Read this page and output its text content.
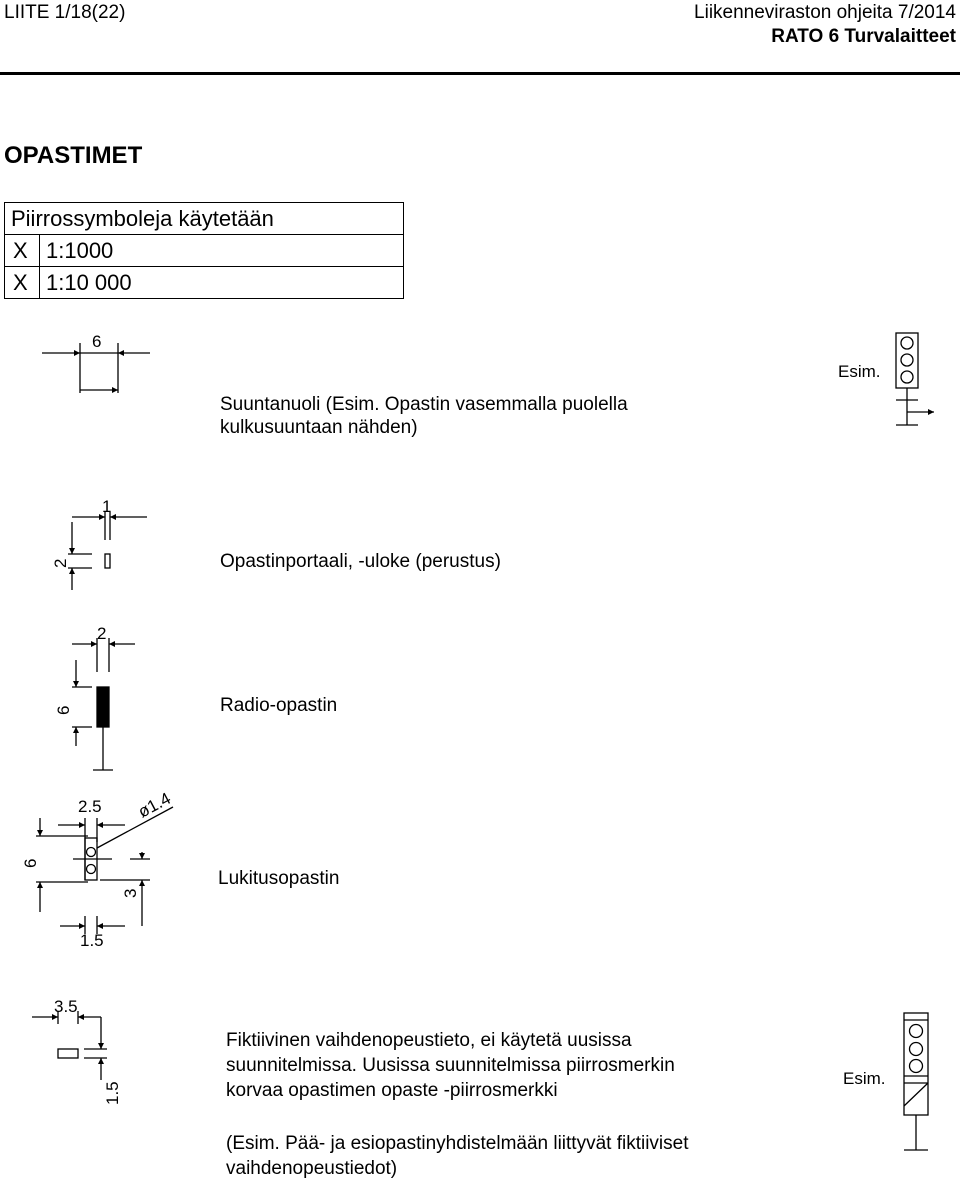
LIITE 1/18(22)	Liikenneviraston ohjeita 7/2014
RATO 6 Turvalaitteet
OPASTIMET
Piirrossymboleja käytetään	
X	1:1000
X	1:10 000
6
1
2
2
6
2.5 ø1.4
6
3
1.5
3.5
1.5
Suuntanuoli (Esim. Opastin vasemmalla puolella
kulkusuuntaan nähden)
Esim.
Opastinportaali, -uloke (perustus)
Radio-opastin
Lukitusopastin
Fiktiivinen vaihdenopeustieto, ei käytetä uusissa
suunnitelmissa. Uusissa suunnitelmissa piirrosmerkin
korvaa opastimen opaste -piirrosmerkki
Esim.
(Esim. Pää- ja esiopastinyhdistelmään liittyvät fiktiiviset
vaihdenopeustiedot)
